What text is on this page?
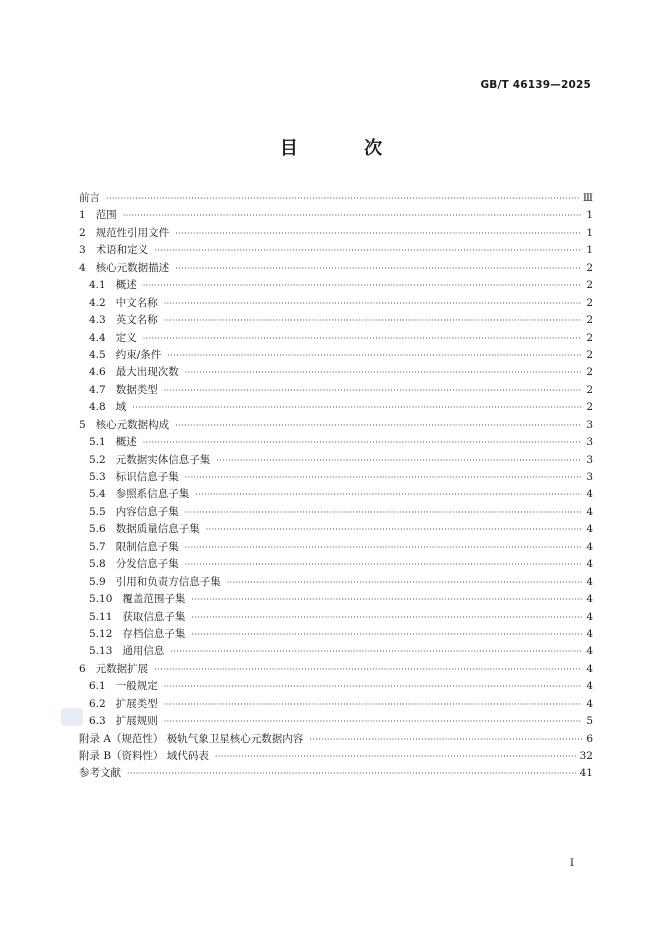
GB/T 46139—2025
目 次
前言 ·····	Ⅲ
1 范围 ·····	1
2 规范性引用文件 ·····	1
3 术语和定义 ·····	1
4 核心元数据描述 ·····	2
4.1 概述 ·····	2
4.2 中文名称 ·····	2
4.3 英文名称 ·····	2
4.4 定义 ·····	2
4.5 约束/条件 ·····	2
4.6 最大出现次数 ·····	2
4.7 数据类型 ·····	2
4.8 域 ·····	2
5 核心元数据构成 ·····	3
5.1 概述 ·····	3
5.2 元数据实体信息子集 ·····	3
5.3 标识信息子集 ·····	3
5.4 参照系信息子集 ·····	4
5.5 内容信息子集 ·····	4
5.6 数据质量信息子集 ·····	4
5.7 限制信息子集 ·····	4
5.8 分发信息子集 ·····	4
5.9 引用和负责方信息子集 ·····	4
5.10 覆盖范围子集 ·····	4
5.11 获取信息子集 ·····	4
5.12 存档信息子集 ·····	4
5.13 通用信息 ·····	4
6 元数据扩展 ·····	4
6.1 一般规定 ·····	4
6.2 扩展类型 ·····	4
6.3 扩展规则 ·····	5
附录 A（规范性） 极轨气象卫星核心元数据内容 ·····	6
附录 B（资料性） 域代码表 ·····	32
参考文献 ·····	41
I
